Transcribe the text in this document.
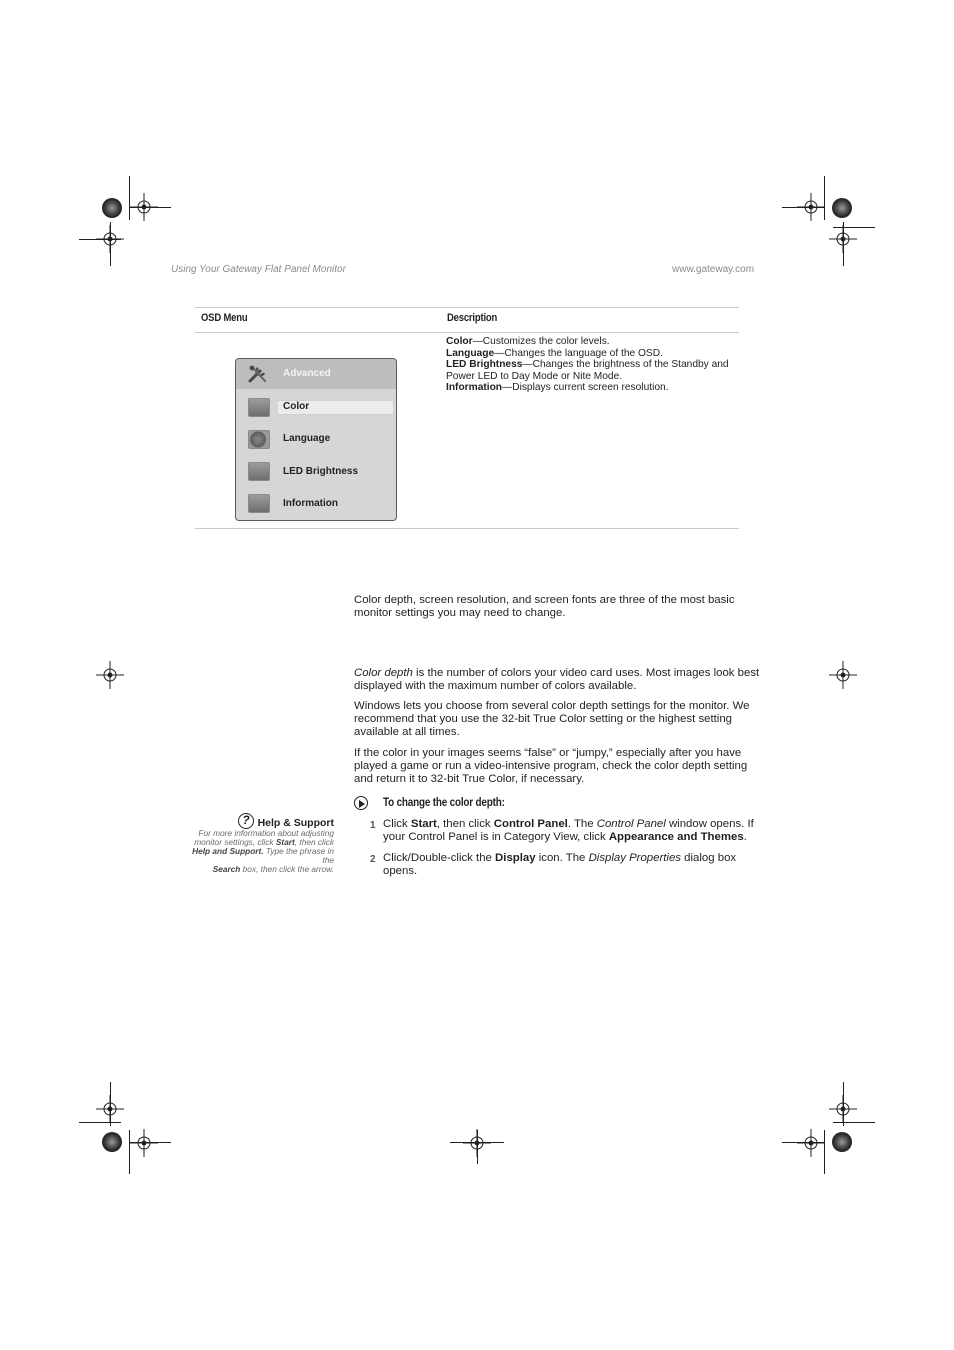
Using Your Gateway Flat Panel Monitor	www.gateway.com
OSD Menu	Description
Advanced
Color
Language
LED Brightness
Information
Color—Customizes the color levels.
Language—Changes the language of the OSD.
LED Brightness—Changes the brightness of the Standby and Power LED to Day Mode or Nite Mode.
Information—Displays current screen resolution.
Color depth, screen resolution, and screen fonts are three of the most basic monitor settings you may need to change.
Color depth is the number of colors your video card uses. Most images look best displayed with the maximum number of colors available.
Windows lets you choose from several color depth settings for the monitor. We recommend that you use the 32-bit True Color setting or the highest setting available at all times.
If the color in your images seems “false” or “jumpy,” especially after you have played a game or run a video-intensive program, check the color depth setting and return it to 32-bit True Color, if necessary.
To change the color depth:
1 Click Start, then click Control Panel. The Control Panel window opens. If your Control Panel is in Category View, click Appearance and Themes.
2 Click/Double-click the Display icon. The Display Properties dialog box opens.
? Help & Support
For more information about adjusting monitor settings, click Start, then click Help and Support. Type the phrase in the
Search box, then click the arrow.
